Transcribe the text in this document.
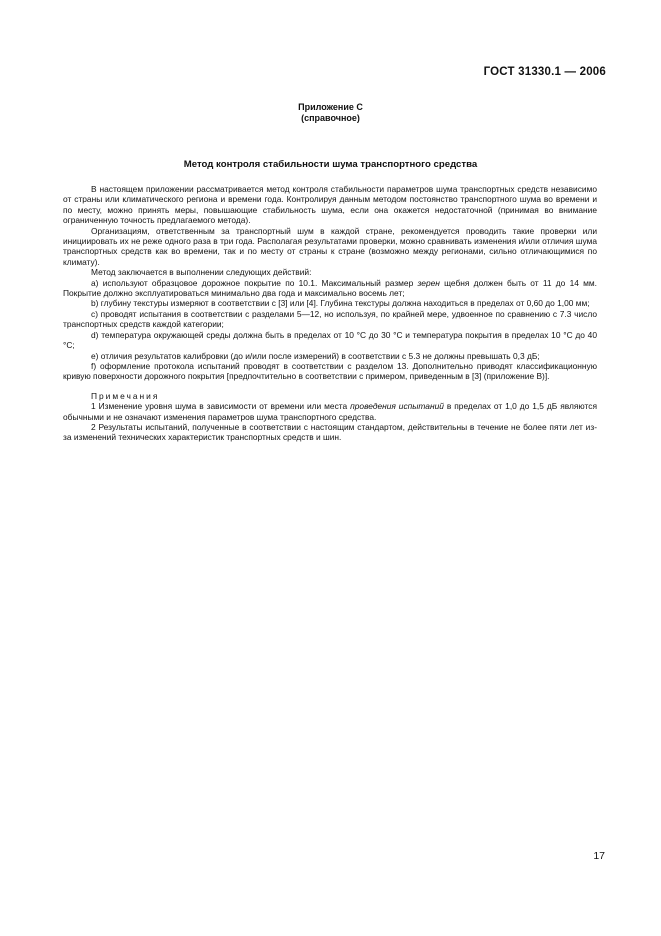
ГОСТ 31330.1 — 2006
Приложение С
(справочное)
Метод контроля стабильности шума транспортного средства

В настоящем приложении рассматривается метод контроля стабильности параметров шума транспортных средств независимо от страны или климатического региона и времени года. Контролируя данным методом постоянство транспортного шума во времени и по месту, можно принять меры, повышающие стабильность шума, если она окажется недостаточной (принимая во внимание ограниченную точность предлагаемого метода).

Организациям, ответственным за транспортный шум в каждой стране, рекомендуется проводить такие проверки или инициировать их не реже одного раза в три года. Располагая результатами проверки, можно сравнивать изменения и/или отличия шума транспортных средств как во времени, так и по месту от страны к стране (возможно между регионами, сильно отличающимися по климату).

Метод заключается в выполнении следующих действий:

a) используют образцовое дорожное покрытие по 10.1. Максимальный размер зерен щебня должен быть от 11 до 14 мм. Покрытие должно эксплуатироваться минимально два года и максимально восемь лет;

b) глубину текстуры измеряют в соответствии с [3] или [4]. Глубина текстуры должна находиться в пределах от 0,60 до 1,00 мм;

c) проводят испытания в соответствии с разделами 5—12, но используя, по крайней мере, удвоенное по сравнению с 7.3 число транспортных средств каждой категории;

d) температура окружающей среды должна быть в пределах от 10 °С до 30 °С и температура покрытия в пределах 10 °С до 40 °С;

e) отличия результатов калибровки (до и/или после измерений) в соответствии с 5.3 не должны превышать 0,3 дБ;

f) оформление протокола испытаний проводят в соответствии с разделом 13. Дополнительно приводят классификационную кривую поверхности дорожного покрытия [предпочтительно в соответствии с примером, приведенным в [3] (приложение В)].

Примечания

1 Изменение уровня шума в зависимости от времени или места проведения испытаний в пределах от 1,0 до 1,5 дБ являются обычными и не означают изменения параметров шума транспортного средства.

2 Результаты испытаний, полученные в соответствии с настоящим стандартом, действительны в течение не более пяти лет из-за изменений технических характеристик транспортных средств и шин.

17
